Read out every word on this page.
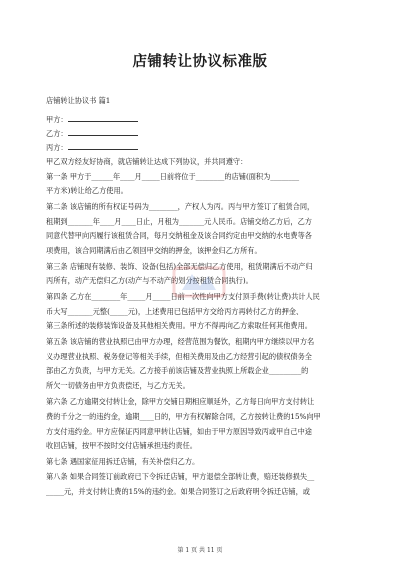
店铺转让协议标准版
店铺转让协议书 篇1
甲方：
乙方：
丙方：
甲乙双方经友好协商，就店铺转让达成下列协议，并共同遵守：
第一条 甲方于______年____月_____日前将位于________的店铺(面积为________
平方米)转让给乙方使用。
第二条 该店铺的所有权证号码为________，产权人为丙。丙与甲方签订了租赁合同，
租期到_______年____月____日止，月租为_______元人民币。店铺交给乙方后，乙方
同意代替甲向丙履行该租赁合同，每月交纳租金及该合同约定由甲交纳的水电费等各
项费用，该合同期满后由乙领回甲交纳的押金，该押金归乙方所有。
第三条 店铺现有装修、装饰、设备(包括)全部无偿归乙方使用，租赁期满后不动产归
丙所有，动产无偿归乙方(动产与不动产的划分按租赁合同执行)。
第四条 乙方在________年_____月_____日前一次性向甲方支付顶手费(转让费)共计人民
币大写_______元整(_____元)，上述费用已包括甲方交给丙方再转付乙方的押金、
第三条所述的装修装饰设备及其他相关费用。甲方不得再向乙方索取任何其他费用。
第五条 该店铺的营业执照已由甲方办理，经营范围为餐饮，租期内甲方继续以甲方名
义办理营业执照、税务登记等相关手续，但相关费用及由乙方经营引起的债权债务全
部由乙方负责，与甲方无关。乙方接手前该店铺及营业执照上所载企业_________的
所欠一切债务由甲方负责偿还，与乙方无关。
第六条 乙方逾期交付转让金，除甲方交铺日期相应顺延外，乙方每日向甲方支付转让
费的千分之一的违约金，逾期____日的，甲方有权解除合同，乙方按转让费的15%向甲
方支付违约金。甲方应保证丙同意甲转让店铺，如由于甲方原因导致丙或甲自己中途
收回店铺，按甲不按时交付店铺承担违约责任。
第七条 遇国家征用拆迁店铺，有关补偿归乙方。
第八条 如果合同签订前政府已下令拆迁店铺，甲方退偿全部转让费，赔还装修损失__
_____元，并支付转让费的15%的违约金。如果合同签订之后政府明令拆迁店铺，或
第 1 页 共 11 页
